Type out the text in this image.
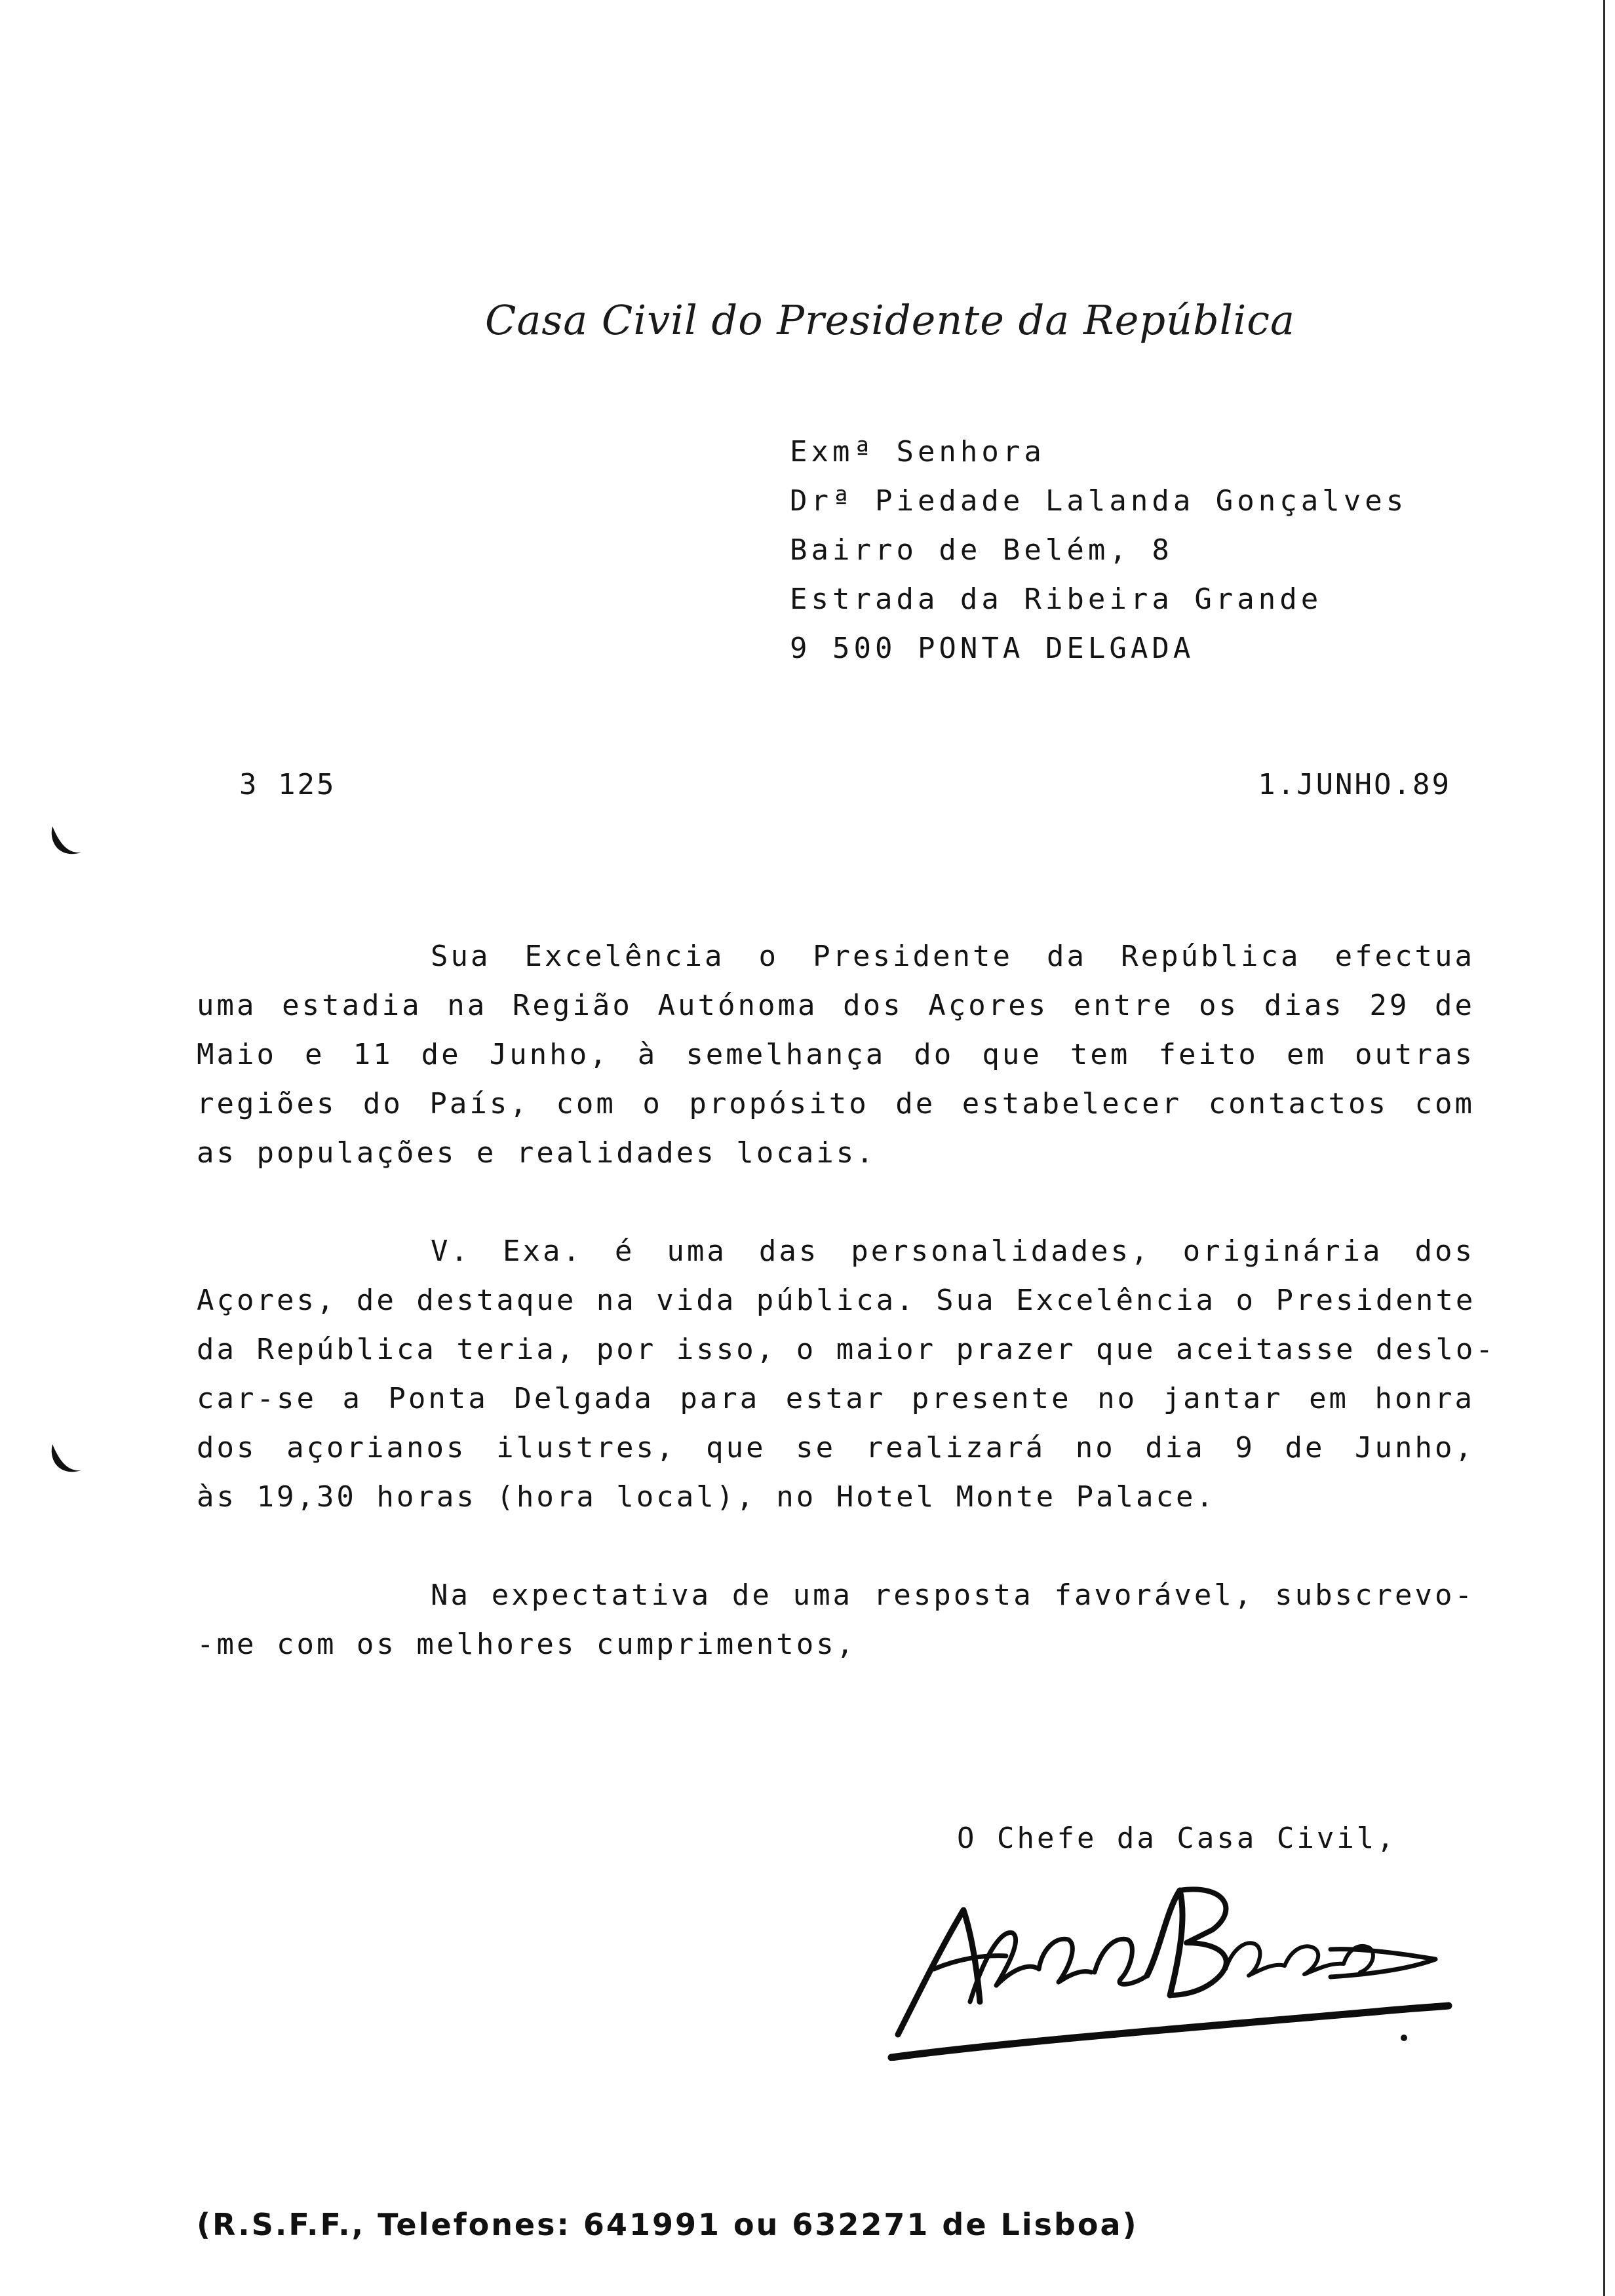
Casa Civil do Presidente da República
Exmª Senhora
Drª Piedade Lalanda Gonçalves
Bairro de Belém, 8
Estrada da Ribeira Grande
9 500 PONTA DELGADA
3 125	1.JUNHO.89
Sua Excelência o Presidente da República efectua
uma estadia na Região Autónoma dos Açores entre os dias 29 de
Maio e 11 de Junho, à semelhança do que tem feito em outras
regiões do País, com o propósito de estabelecer contactos com
as populações e realidades locais.
V. Exa. é uma das personalidades, originária dos
Açores, de destaque na vida pública. Sua Excelência o Presidente
da República teria, por isso, o maior prazer que aceitasse deslo-
car-se a Ponta Delgada para estar presente no jantar em honra
dos açorianos ilustres, que se realizará no dia 9 de Junho,
às 19,30 horas (hora local), no Hotel Monte Palace.
Na expectativa de uma resposta favorável, subscrevo-
-me com os melhores cumprimentos,
O Chefe da Casa Civil,
(R.S.F.F., Telefones: 641991 ou 632271 de Lisboa)
